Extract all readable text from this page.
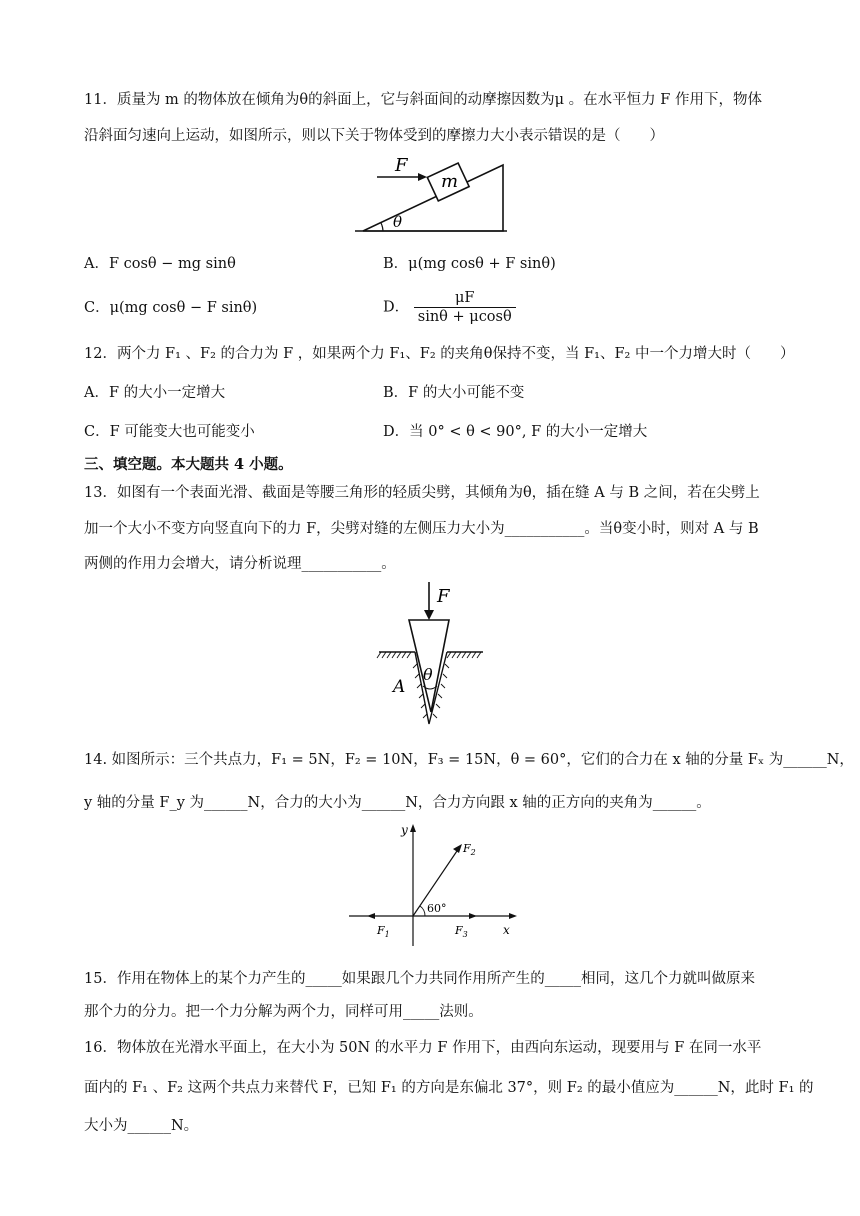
11．质量为 m 的物体放在倾角为θ的斜面上，它与斜面间的动摩擦因数为μ 。在水平恒力 F 作用下，物体
沿斜面匀速向上运动，如图所示，则以下关于物体受到的摩擦力大小表示错误的是（　　）
F
m
θ
A．F cosθ − mg sinθ	B．μ(mg cosθ + F sinθ)
C．μ(mg cosθ − F sinθ)	D． $\frac{\mu F}{\sin\theta + \mu\cos\theta}$
12．两个力 F₁ 、F₂ 的合力为 F ，如果两个力 F₁、F₂ 的夹角θ保持不变，当 F₁、F₂ 中一个力增大时（　　）
A．F 的大小一定增大	B．F 的大小可能不变
C．F 可能变大也可能变小	D．当 0° < θ < 90°, F 的大小一定增大
三、填空题。本大题共 4 小题。
13．如图有一个表面光滑、截面是等腰三角形的轻质尖劈，其倾角为θ，插在缝 A 与 B 之间，若在尖劈上
加一个大小不变方向竖直向下的力 F，尖劈对缝的左侧压力大小为___________。当θ变小时，则对 A 与 B
两侧的作用力会增大，请分析说理___________。
F
θ
A
14. 如图所示：三个共点力，F₁ = 5N，F₂ = 10N，F₃ = 15N，θ = 60°，它们的合力在 x 轴的分量 Fₓ 为______N，
y 轴的分量 F_y 为______N，合力的大小为______N，合力方向跟 x 轴的正方向的夹角为______。
y
x
$F_1$
$F_2$
$F_3$
60°
15．作用在物体上的某个力产生的_____如果跟几个力共同作用所产生的_____相同，这几个力就叫做原来
那个力的分力。把一个力分解为两个力，同样可用_____法则。
16．物体放在光滑水平面上，在大小为 50N 的水平力 F 作用下，由西向东运动，现要用与 F 在同一水平
面内的 F₁ 、F₂ 这两个共点力来替代 F，已知 F₁ 的方向是东偏北 37°，则 F₂ 的最小值应为______N，此时 F₁ 的
大小为______N。
